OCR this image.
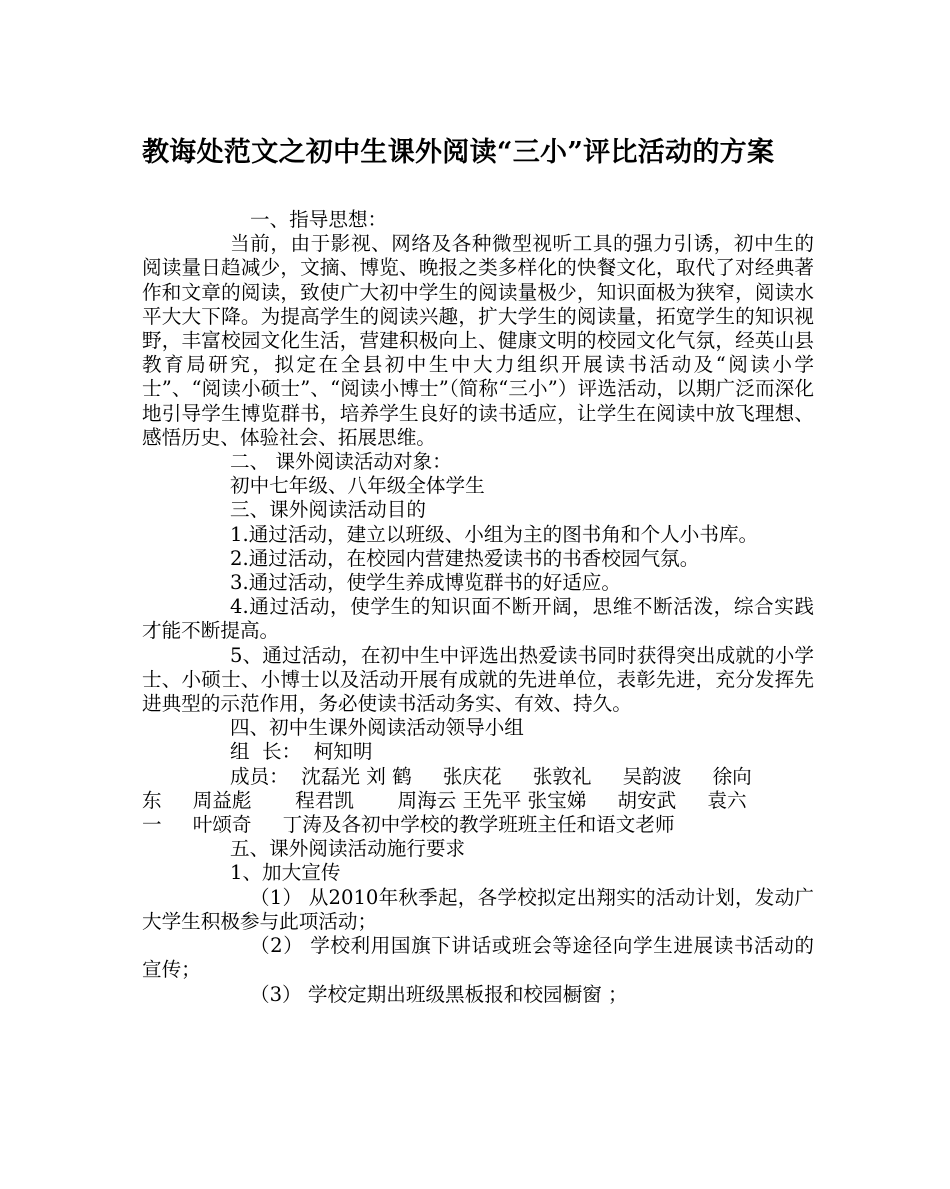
教诲处范文之初中生课外阅读“三小”评比活动的方案

一、指导思想：

当前，由于影视、网络及各种微型视听工具的强力引诱，初中生的阅读量日趋减少，文摘、博览、晚报之类多样化的快餐文化，取代了对经典著作和文章的阅读，致使广大初中学生的阅读量极少，知识面极为狭窄，阅读水平大大下降。为提高学生的阅读兴趣，扩大学生的阅读量，拓宽学生的知识视野，丰富校园文化生活，营建积极向上、健康文明的校园文化气氛，经英山县教育局研究，拟定在全县初中生中大力组织开展读书活动及“阅读小学士”、“阅读小硕士”、“阅读小博士”（简称“三小”）评选活动，以期广泛而深化地引导学生博览群书，培养学生良好的读书适应，让学生在阅读中放飞理想、感悟历史、体验社会、拓展思维。

二、 课外阅读活动对象：

初中七年级、八年级全体学生

三、课外阅读活动目的

1.通过活动，建立以班级、小组为主的图书角和个人小书库。

2.通过活动，在校园内营建热爱读书的书香校园气氛。

3.通过活动，使学生养成博览群书的好适应。

4.通过活动，使学生的知识面不断开阔，思维不断活泼，综合实践才能不断提高。

5、通过活动，在初中生中评选出热爱读书同时获得突出成就的小学士、小硕士、小博士以及活动开展有成就的先进单位，表彰先进，充分发挥先进典型的示范作用，务必使读书活动务实、有效、持久。

四、初中生课外阅读活动领导小组

组  长：  柯知明

成员：  沈磊光 刘 鹤     张庆花     张敦礼     吴韵波     徐向

东     周益彪       程君凯       周海云 王先平 张宝娣     胡安武     袁六

一     叶颂奇     丁涛及各初中学校的教学班班主任和语文老师

五、课外阅读活动施行要求

1、加大宣传

（1） 从2010年秋季起，各学校拟定出翔实的活动计划，发动广大学生积极参与此项活动；

（2） 学校利用国旗下讲话或班会等途径向学生进展读书活动的宣传；

（3） 学校定期出班级黑板报和校园橱窗 ；
